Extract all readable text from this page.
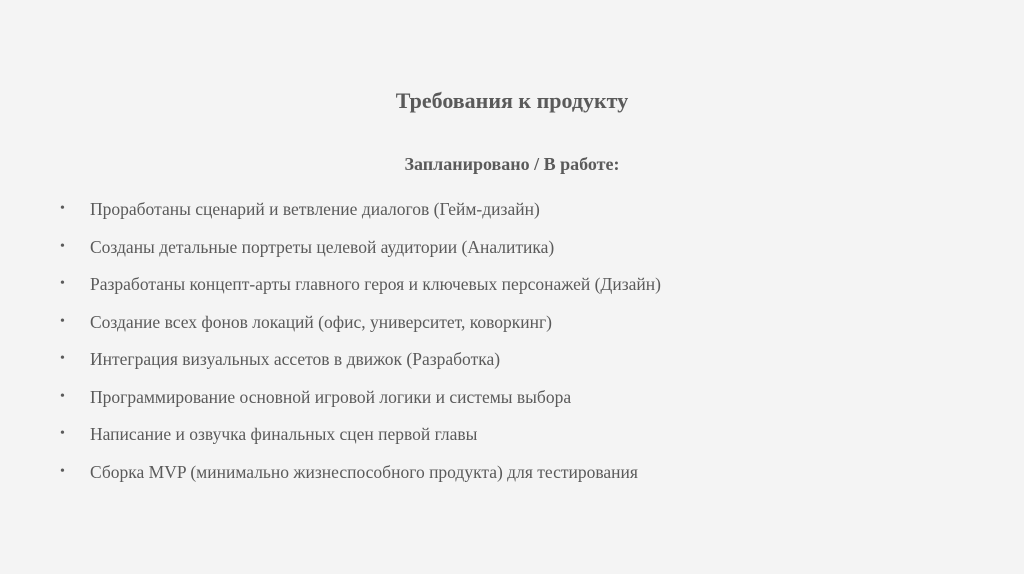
Требования к продукту
Запланировано / В работе:
•	Проработаны сценарий и ветвление диалогов (Гейм-дизайн)
•	Созданы детальные портреты целевой аудитории (Аналитика)
•	Разработаны концепт-арты главного героя и ключевых персонажей (Дизайн)
•	Создание всех фонов локаций (офис, университет, коворкинг)
•	Интеграция визуальных ассетов в движок (Разработка)
•	Программирование основной игровой логики и системы выбора
•	Написание и озвучка финальных сцен первой главы
•	Сборка MVP (минимально жизнеспособного продукта) для тестирования
